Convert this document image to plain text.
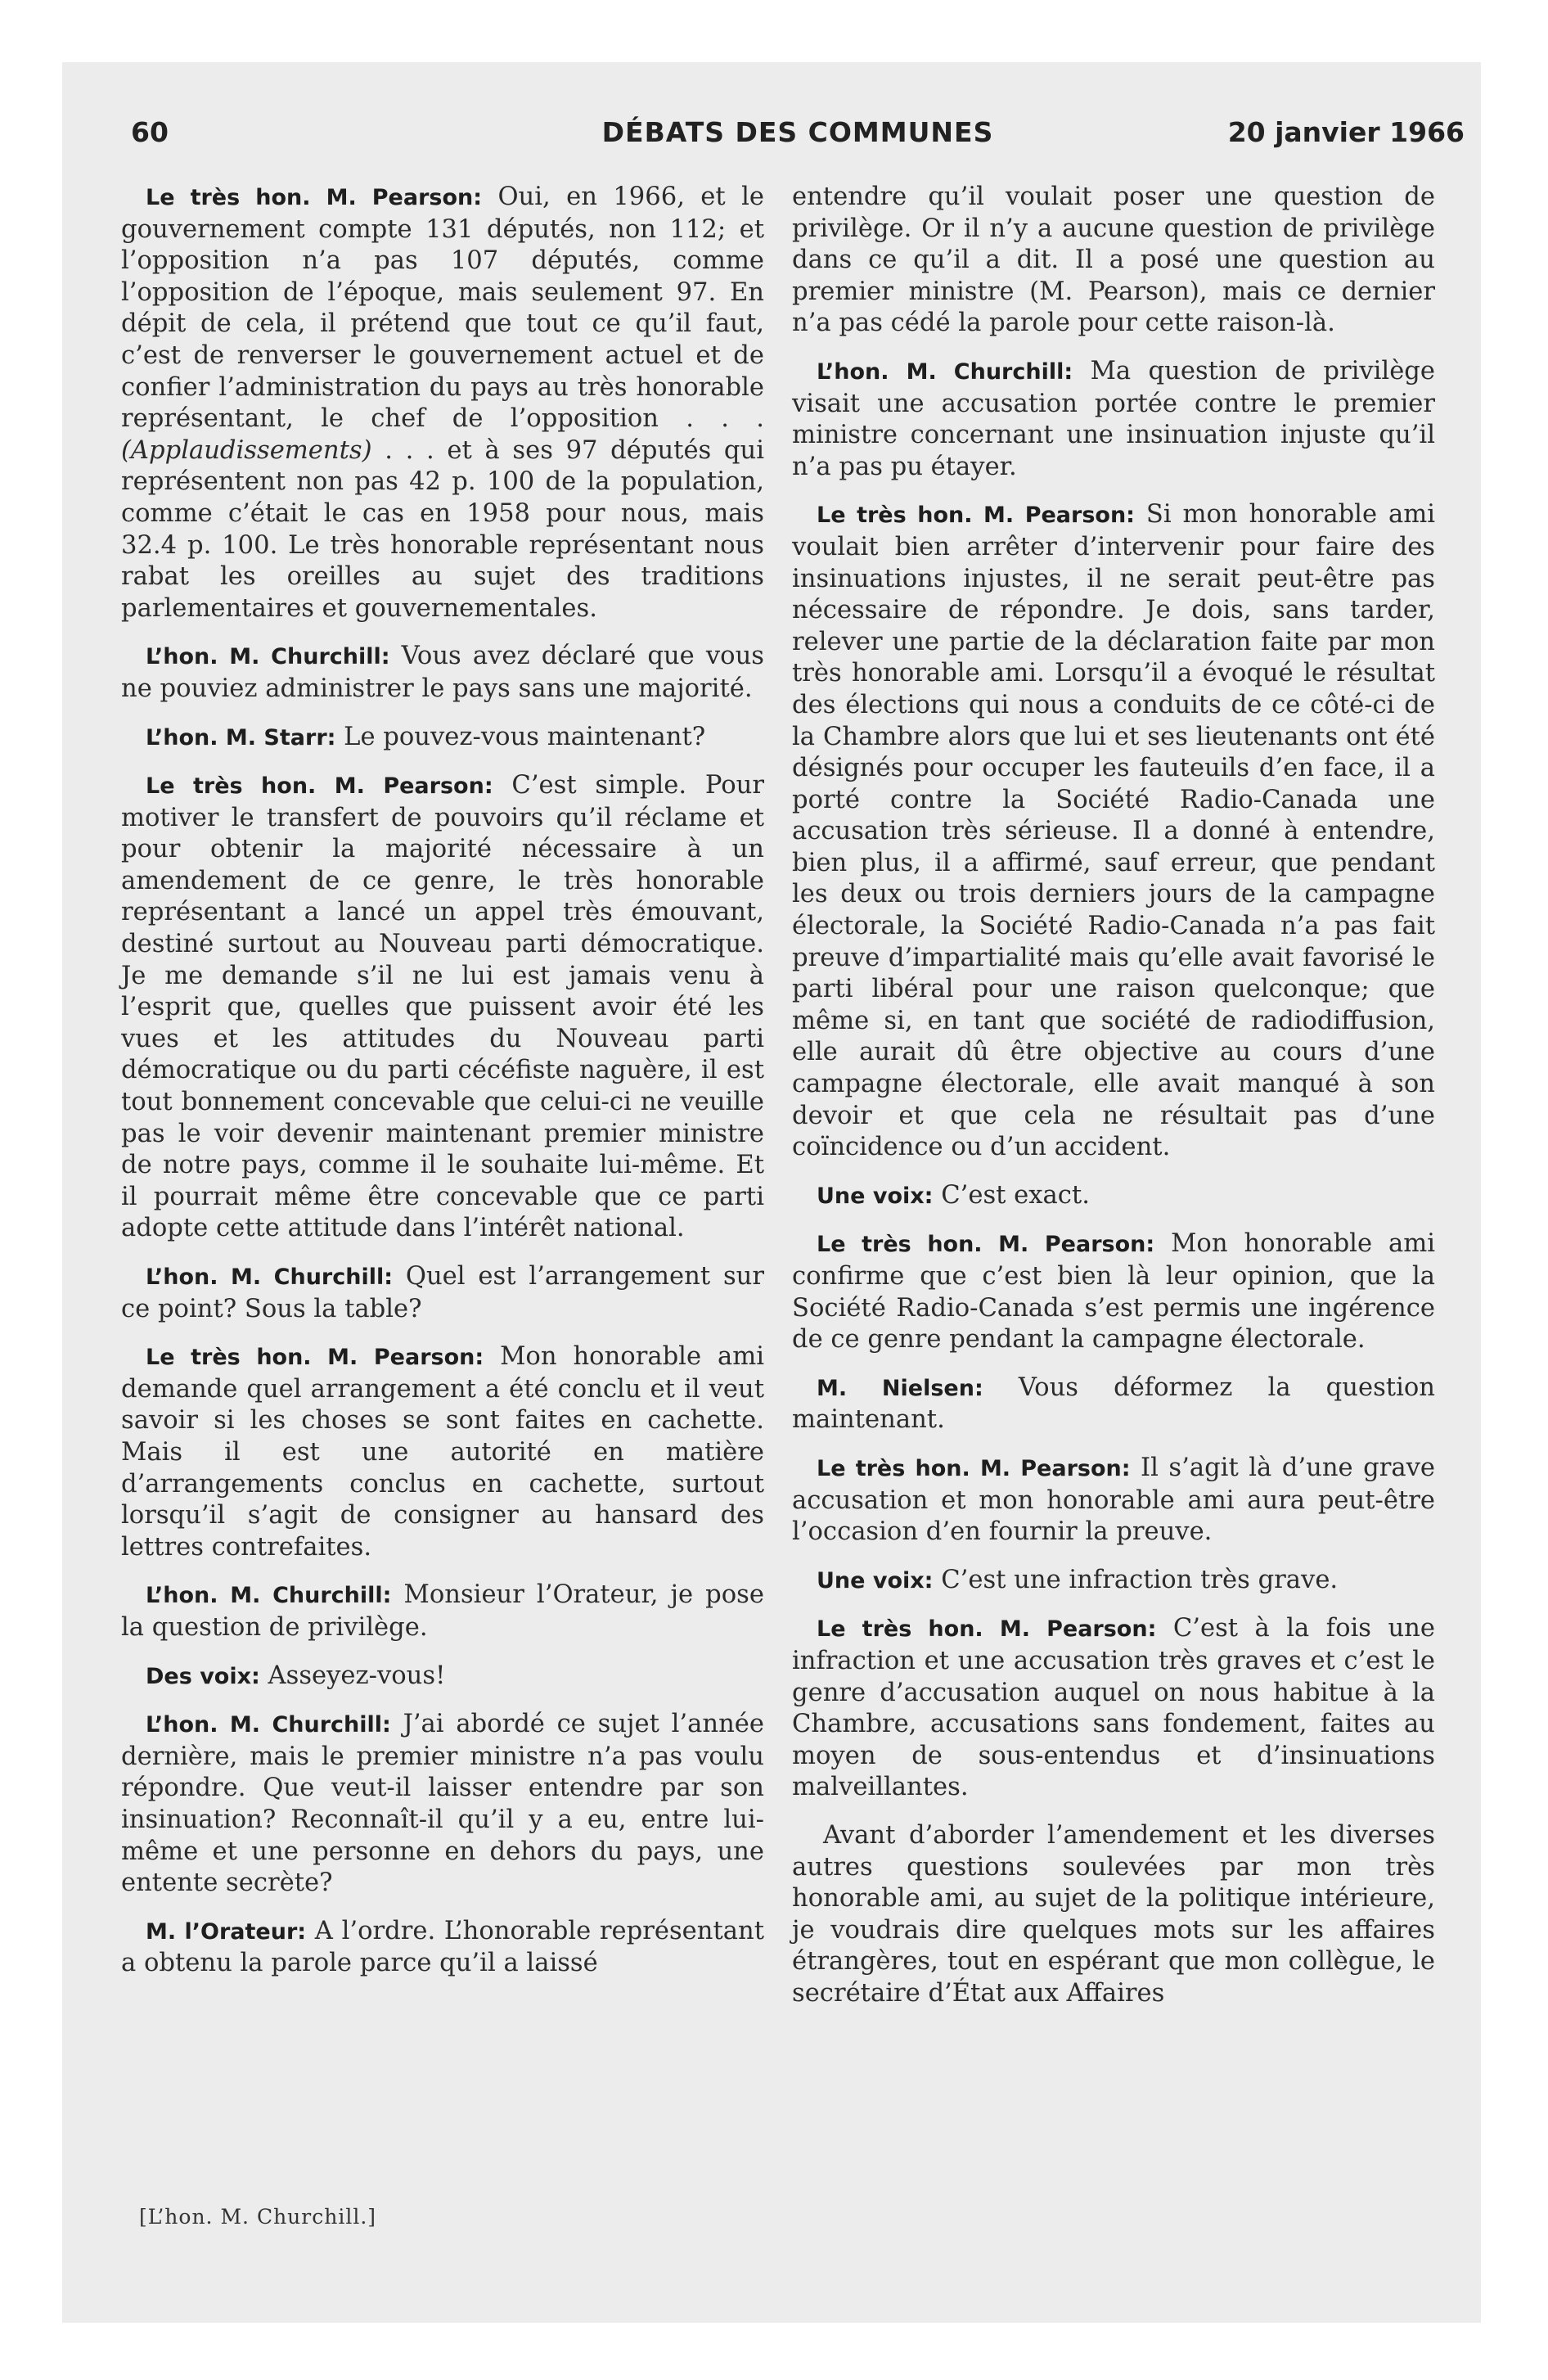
60	DÉBATS DES COMMUNES	20 janvier 1966

Le très hon. M. Pearson: Oui, en 1966, et le gouvernement compte 131 députés, non 112; et l’opposition n’a pas 107 députés, comme l’opposition de l’époque, mais seulement 97. En dépit de cela, il prétend que tout ce qu’il faut, c’est de renverser le gouvernement actuel et de confier l’administration du pays au très honorable représentant, le chef de l’opposition . . . (Applaudissements) . . . et à ses 97 députés qui représentent non pas 42 p. 100 de la population, comme c’était le cas en 1958 pour nous, mais 32.4 p. 100. Le très honorable représentant nous rabat les oreilles au sujet des traditions parlementaires et gouvernementales.

L’hon. M. Churchill: Vous avez déclaré que vous ne pouviez administrer le pays sans une majorité.

L’hon. M. Starr: Le pouvez-vous maintenant?

Le très hon. M. Pearson: C’est simple. Pour motiver le transfert de pouvoirs qu’il réclame et pour obtenir la majorité nécessaire à un amendement de ce genre, le très honorable représentant a lancé un appel très émouvant, destiné surtout au Nouveau parti démocratique. Je me demande s’il ne lui est jamais venu à l’esprit que, quelles que puissent avoir été les vues et les attitudes du Nouveau parti démocratique ou du parti cécéfiste naguère, il est tout bonnement concevable que celui-ci ne veuille pas le voir devenir maintenant premier ministre de notre pays, comme il le souhaite lui-même. Et il pourrait même être concevable que ce parti adopte cette attitude dans l’intérêt national.

L’hon. M. Churchill: Quel est l’arrangement sur ce point? Sous la table?

Le très hon. M. Pearson: Mon honorable ami demande quel arrangement a été conclu et il veut savoir si les choses se sont faites en cachette. Mais il est une autorité en matière d’arrangements conclus en cachette, surtout lorsqu’il s’agit de consigner au hansard des lettres contrefaites.

L’hon. M. Churchill: Monsieur l’Orateur, je pose la question de privilège.

Des voix: Asseyez-vous!

L’hon. M. Churchill: J’ai abordé ce sujet l’année dernière, mais le premier ministre n’a pas voulu répondre. Que veut-il laisser entendre par son insinuation? Reconnaît-il qu’il y a eu, entre lui-même et une personne en dehors du pays, une entente secrète?

M. l’Orateur: A l’ordre. L’honorable représentant a obtenu la parole parce qu’il a laissé

entendre qu’il voulait poser une question de privilège. Or il n’y a aucune question de privilège dans ce qu’il a dit. Il a posé une question au premier ministre (M. Pearson), mais ce dernier n’a pas cédé la parole pour cette raison-là.

L’hon. M. Churchill: Ma question de privilège visait une accusation portée contre le premier ministre concernant une insinuation injuste qu’il n’a pas pu étayer.

Le très hon. M. Pearson: Si mon honorable ami voulait bien arrêter d’intervenir pour faire des insinuations injustes, il ne serait peut-être pas nécessaire de répondre. Je dois, sans tarder, relever une partie de la déclaration faite par mon très honorable ami. Lorsqu’il a évoqué le résultat des élections qui nous a conduits de ce côté-ci de la Chambre alors que lui et ses lieutenants ont été désignés pour occuper les fauteuils d’en face, il a porté contre la Société Radio-Canada une accusation très sérieuse. Il a donné à entendre, bien plus, il a affirmé, sauf erreur, que pendant les deux ou trois derniers jours de la campagne électorale, la Société Radio-Canada n’a pas fait preuve d’impartialité mais qu’elle avait favorisé le parti libéral pour une raison quelconque; que même si, en tant que société de radiodiffusion, elle aurait dû être objective au cours d’une campagne électorale, elle avait manqué à son devoir et que cela ne résultait pas d’une coïncidence ou d’un accident.

Une voix: C’est exact.

Le très hon. M. Pearson: Mon honorable ami confirme que c’est bien là leur opinion, que la Société Radio-Canada s’est permis une ingérence de ce genre pendant la campagne électorale.

M. Nielsen: Vous déformez la question maintenant.

Le très hon. M. Pearson: Il s’agit là d’une grave accusation et mon honorable ami aura peut-être l’occasion d’en fournir la preuve.

Une voix: C’est une infraction très grave.

Le très hon. M. Pearson: C’est à la fois une infraction et une accusation très graves et c’est le genre d’accusation auquel on nous habitue à la Chambre, accusations sans fondement, faites au moyen de sous-entendus et d’insinuations malveillantes.

Avant d’aborder l’amendement et les diverses autres questions soulevées par mon très honorable ami, au sujet de la politique intérieure, je voudrais dire quelques mots sur les affaires étrangères, tout en espérant que mon collègue, le secrétaire d’État aux Affaires

[L’hon. M. Churchill.]
